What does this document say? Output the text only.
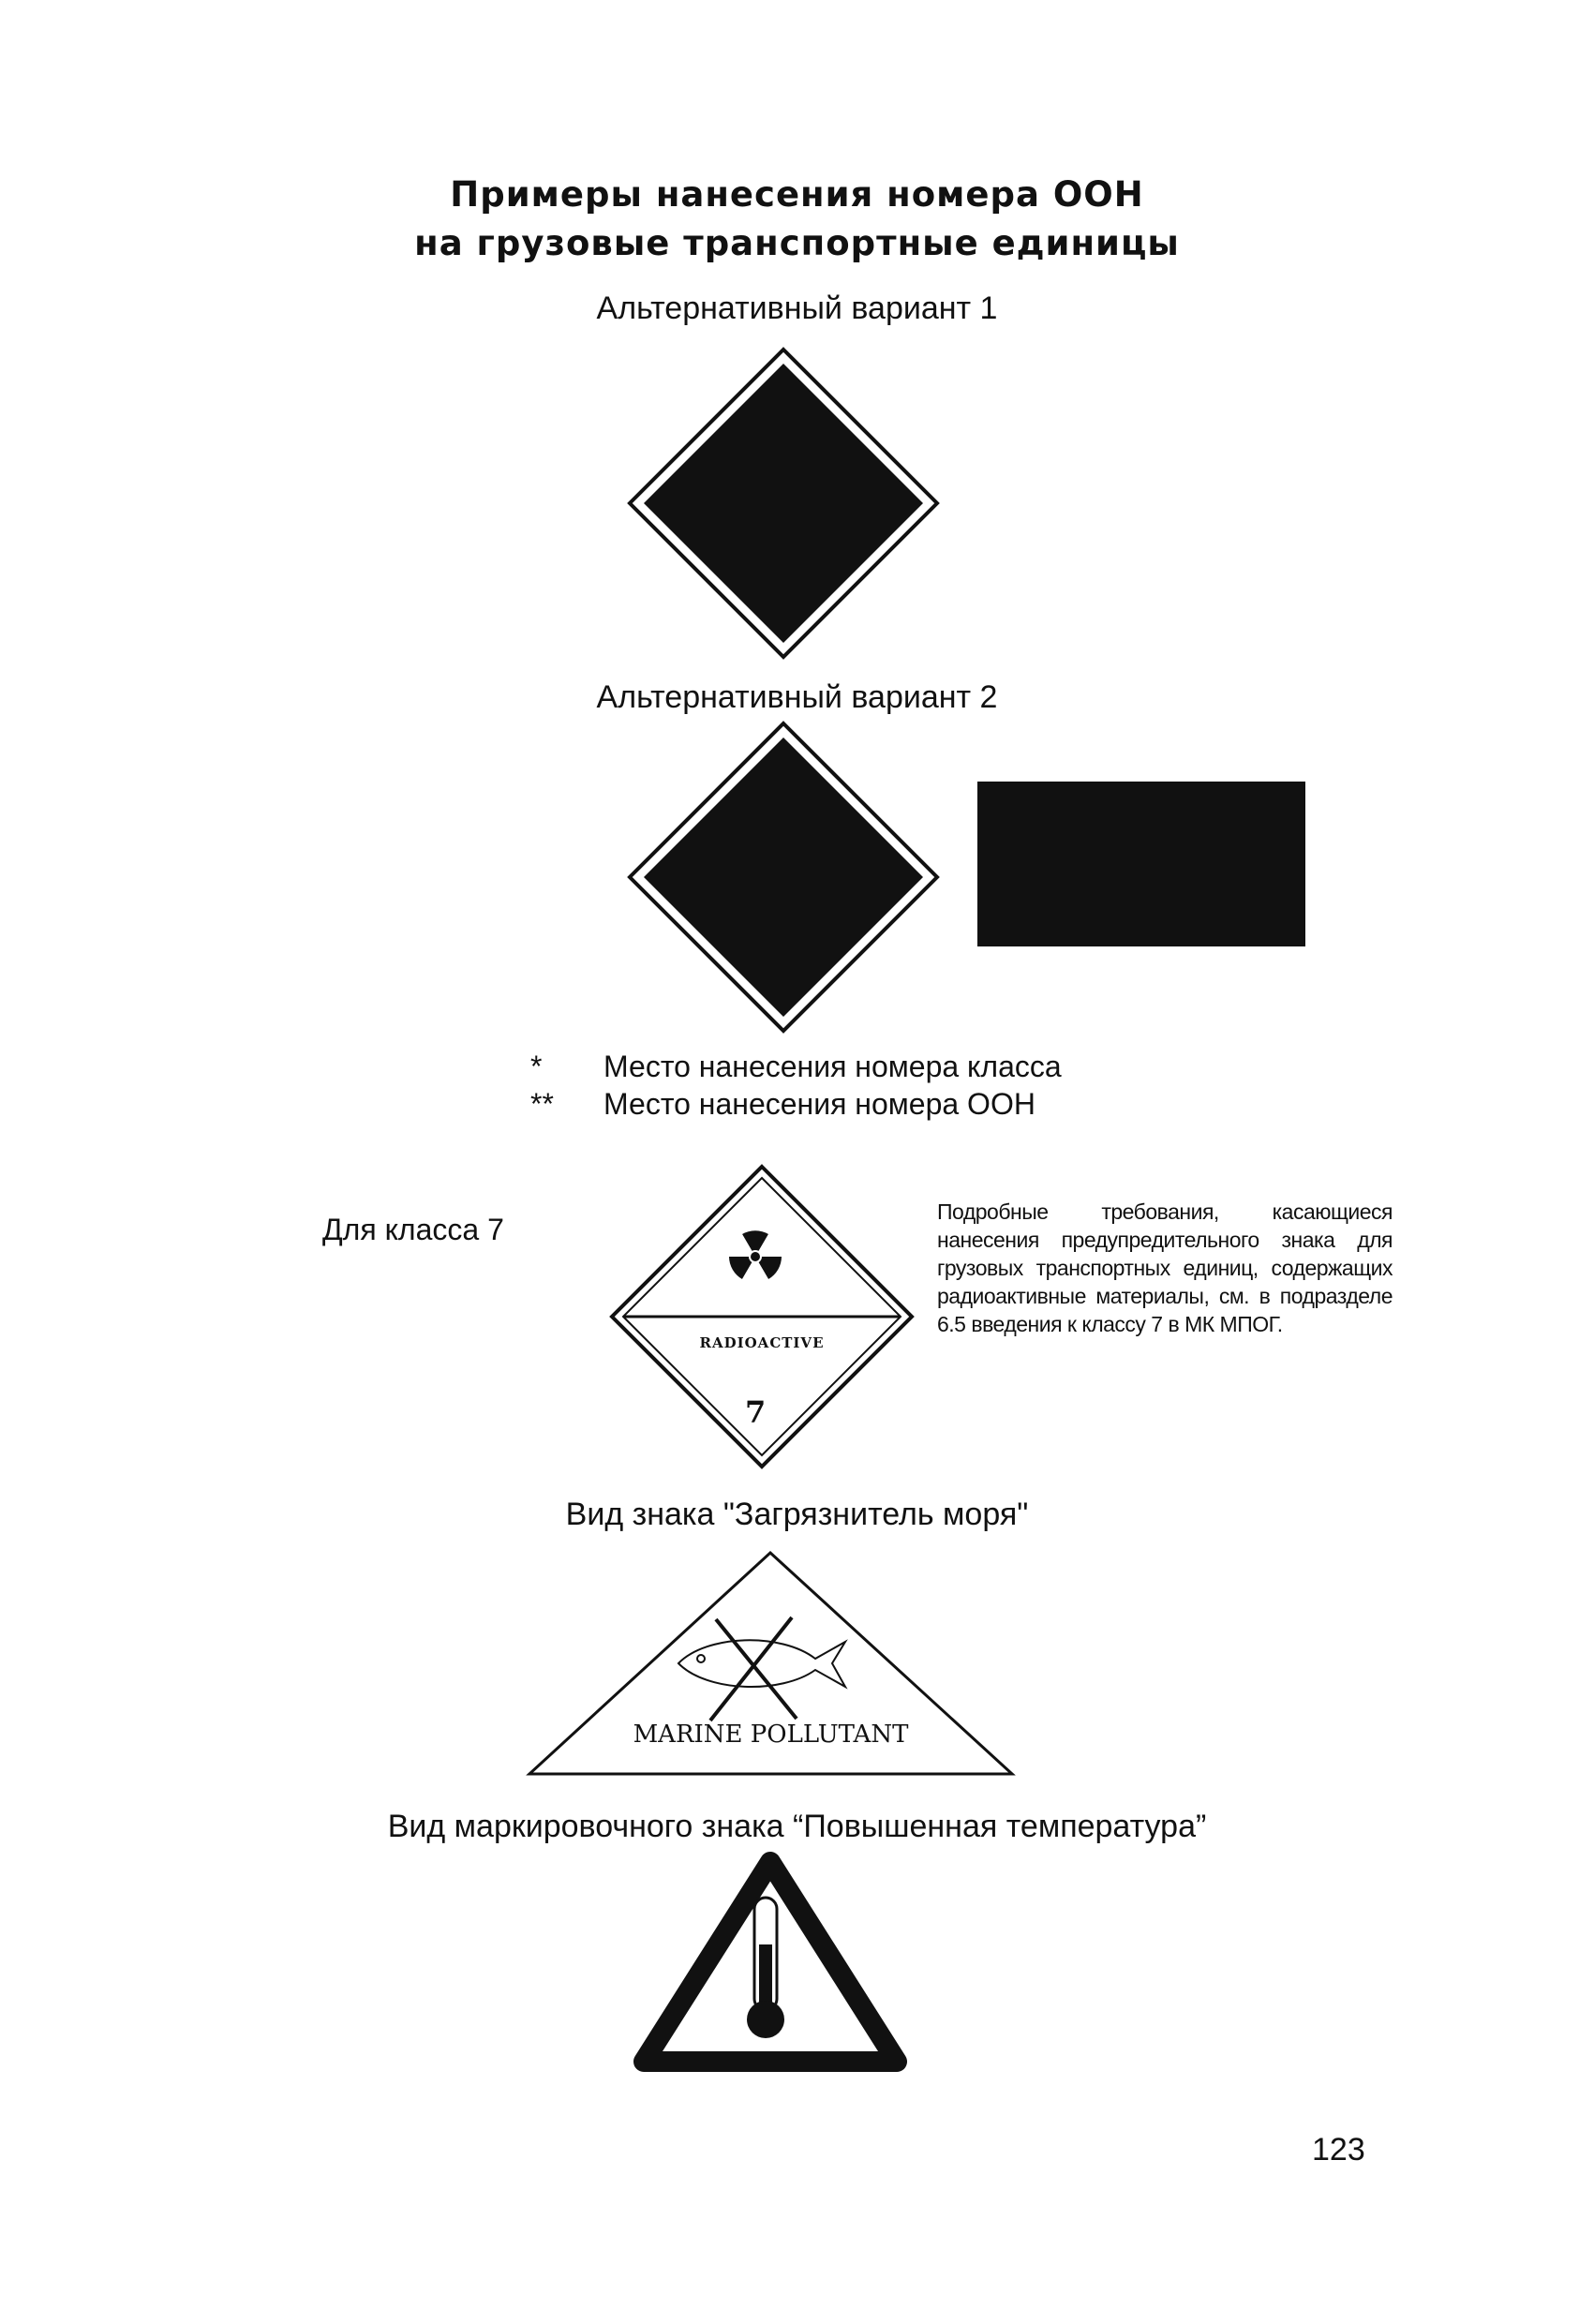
Примеры нанесения номера ООН
на грузовые транспортные единицы
Альтернативный вариант 1
Альтернативный вариант 2
* Место нанесения номера класса
** Место нанесения номера ООН
Для класса 7
RADIOACTIVE
7
Подробные требования, касающиеся нанесения предупредительного знака для грузовых транспортных единиц, содержащих радиоактивные материалы, см. в подразделе 6.5 введения к классу 7 в МК МПОГ.
Вид знака "Загрязнитель моря"
MARINE POLLUTANT
Вид маркировочного знака “Повышенная температура”
123
